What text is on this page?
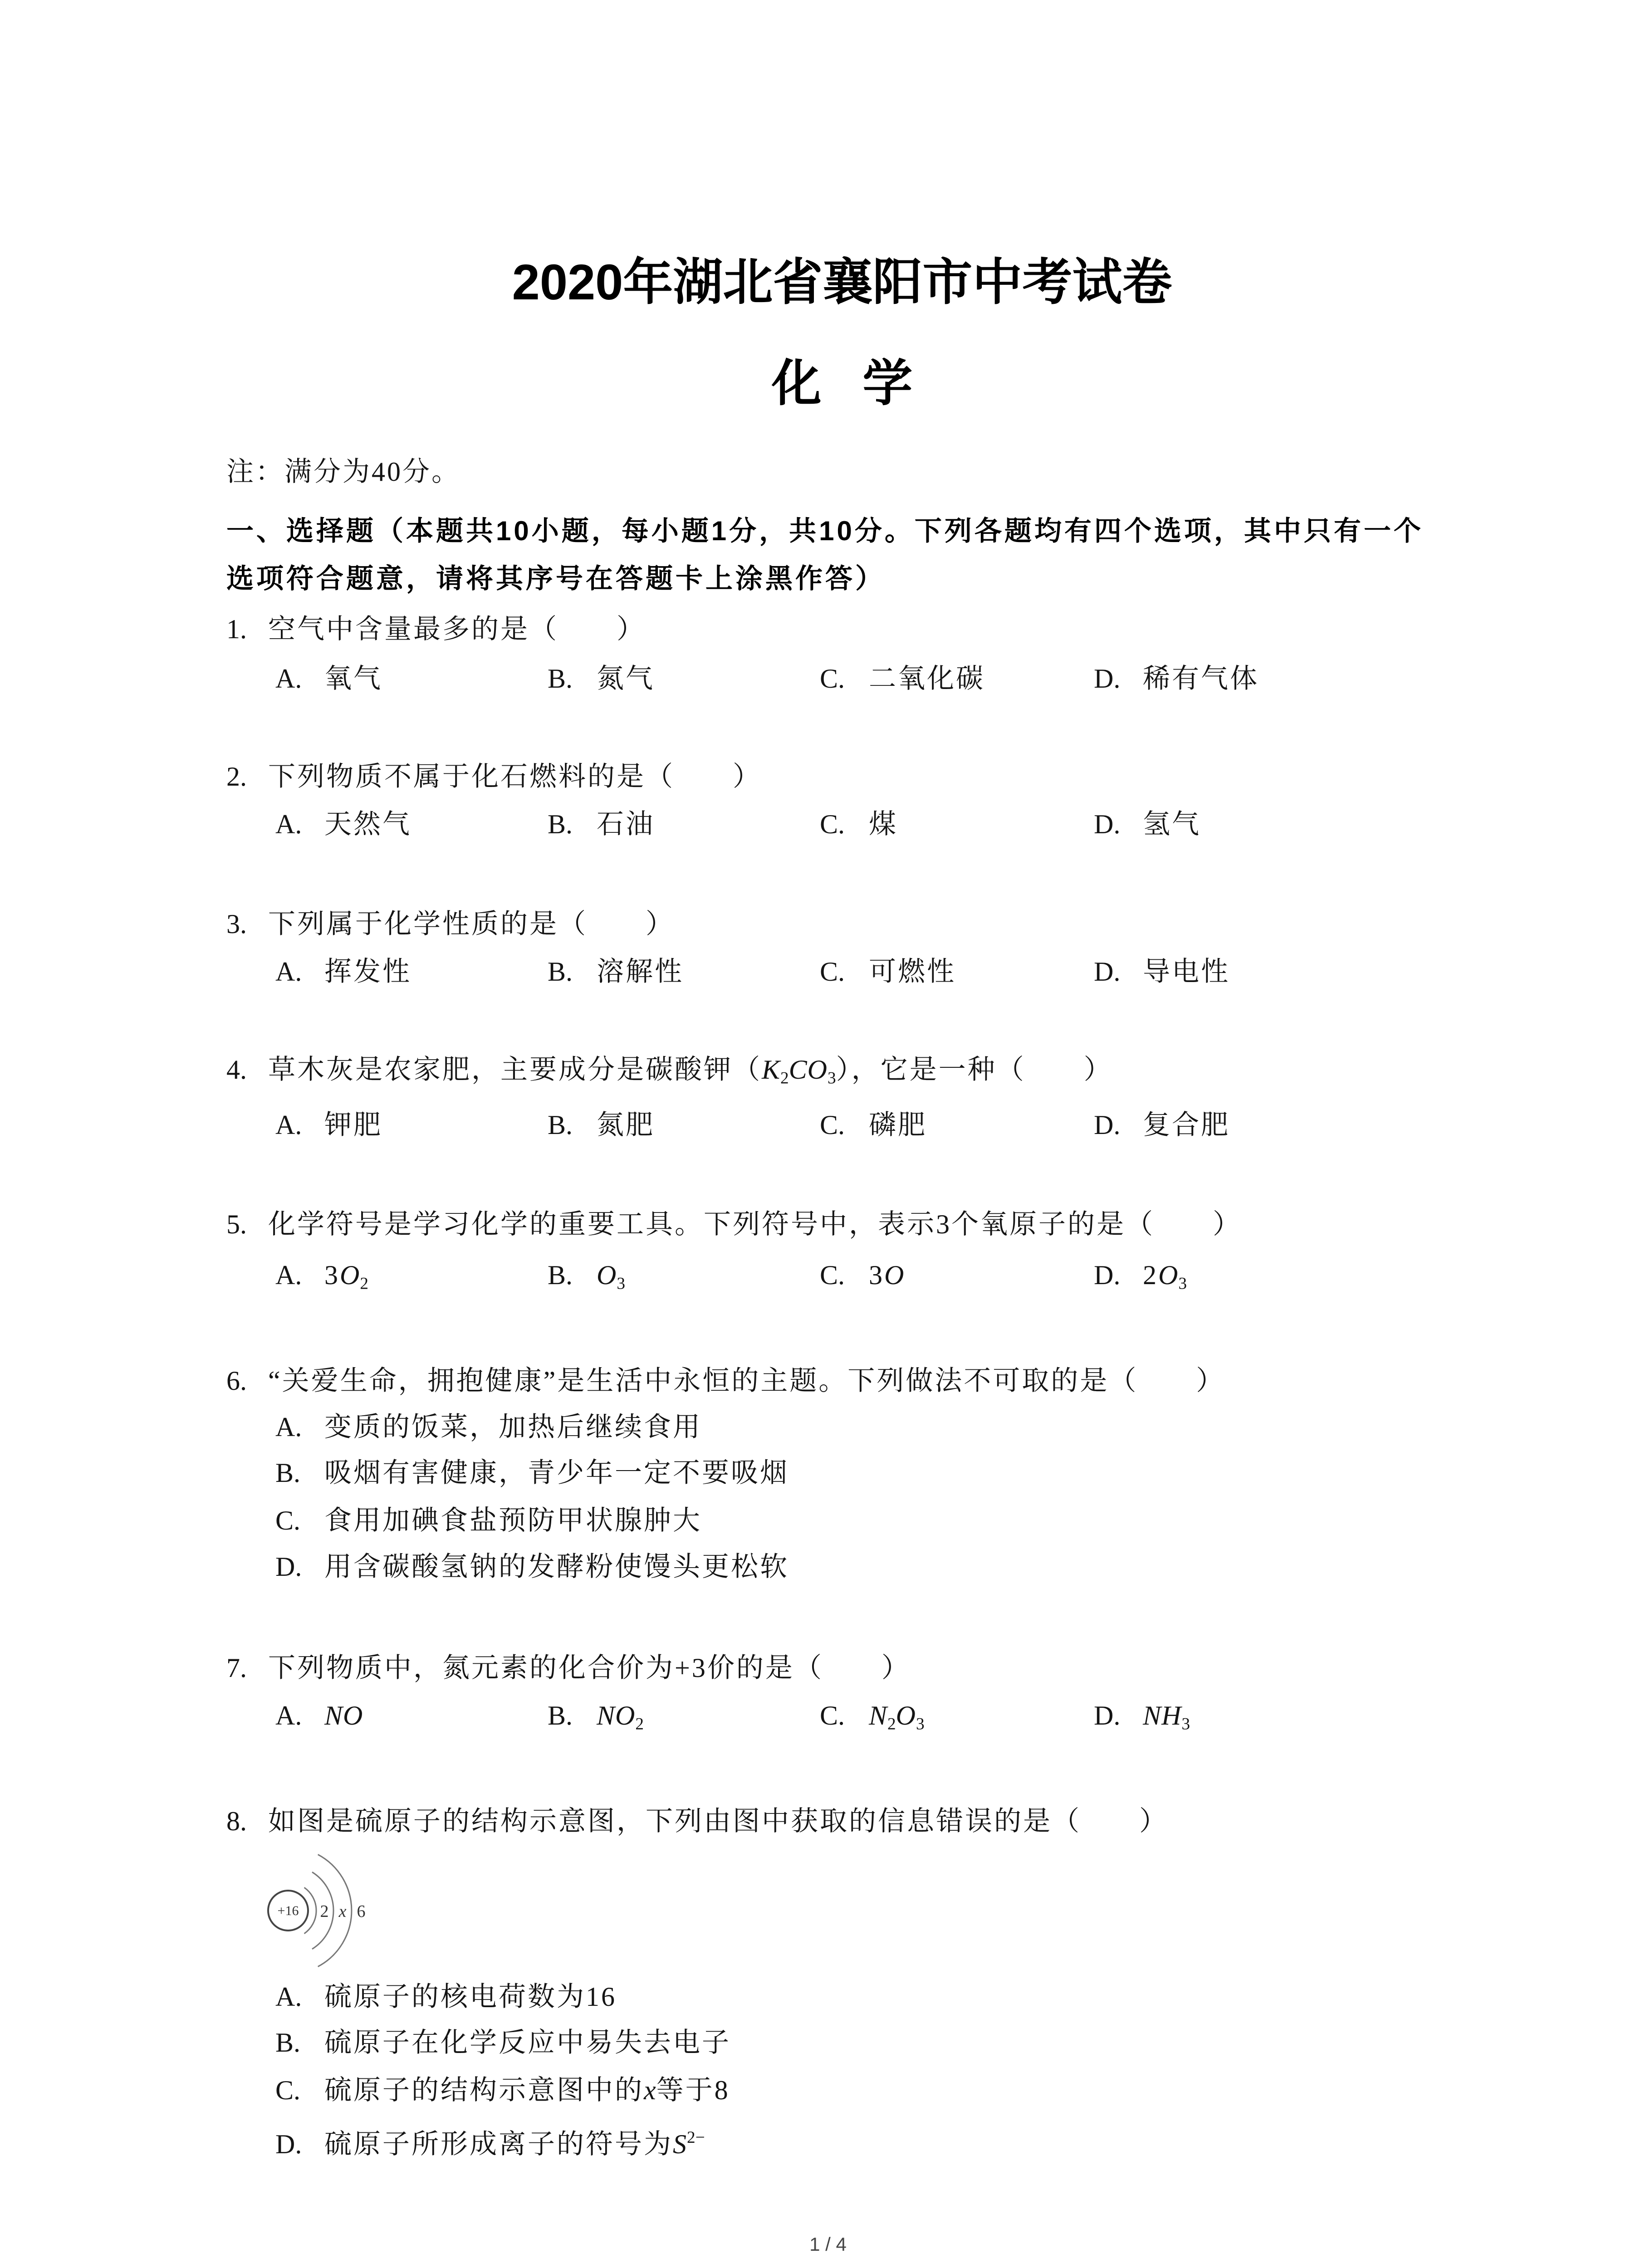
2020年湖北省襄阳市中考试卷
化 学
注：满分为40分。
一、选择题（本题共10小题，每小题1分，共10分。下列各题均有四个选项，其中只有一个
选项符合题意，请将其序号在答题卡上涂黑作答）
1. 空气中含量最多的是（　　）
A. 氧气	B. 氮气	C. 二氧化碳	D. 稀有气体
2. 下列物质不属于化石燃料的是（　　）
A. 天然气	B. 石油	C. 煤	D. 氢气
3. 下列属于化学性质的是（　　）
A. 挥发性	B. 溶解性	C. 可燃性	D. 导电性
4. 草木灰是农家肥，主要成分是碳酸钾$(K_2CO_3)$，它是一种（　　）
A. 钾肥	B. 氮肥	C. 磷肥	D. 复合肥
5. 化学符号是学习化学的重要工具。下列符号中，表示3个氧原子的是（　　）
A. $3O_2$	B. $O_3$	C. 3O	D. $2O_3$
6. “关爱生命，拥抱健康”是生活中永恒的主题。下列做法不可取的是（　　）
A. 变质的饭菜，加热后继续食用
B. 吸烟有害健康，青少年一定不要吸烟
C. 食用加碘食盐预防甲状腺肿大
D. 用含碳酸氢钠的发酵粉使馒头更松软
7. 下列物质中，氮元素的化合价为+3价的是（　　）
A. NO	B. $NO_2$	C. $N_2O_3$	D. $NH_3$
8. 如图是硫原子的结构示意图，下列由图中获取的信息错误的是（　　）
+16 2 x 6
A. 硫原子的核电荷数为16
B. 硫原子在化学反应中易失去电子
C. 硫原子的结构示意图中的x等于8
D. 硫原子所形成离子的符号为$S^{2-}$
1 / 4
